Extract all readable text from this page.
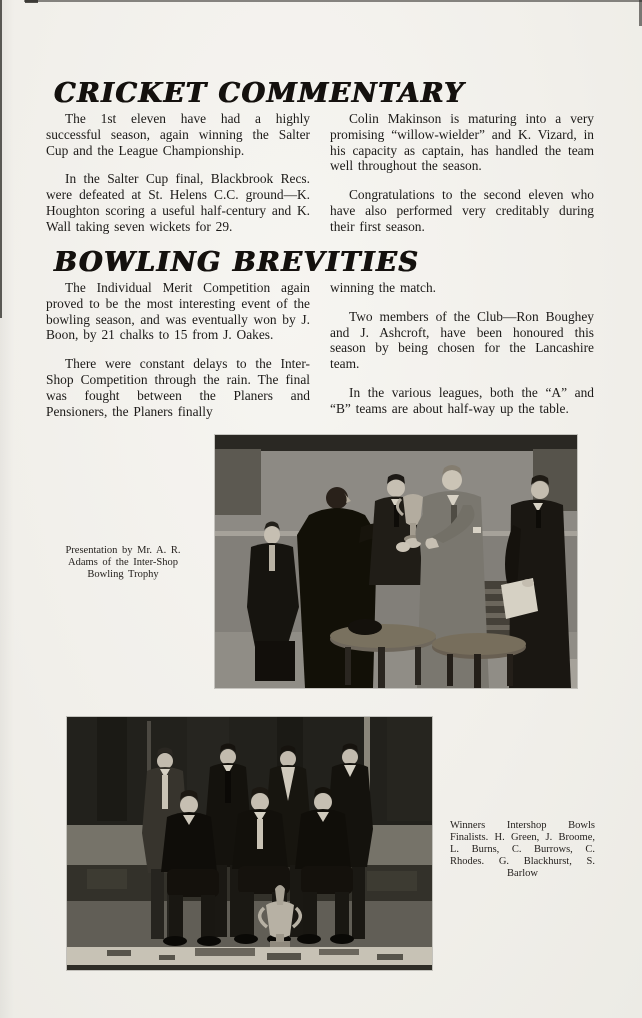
CRICKET COMMENTARY

The 1st eleven have had a highly successful season, again winning the Salter Cup and the League Championship.

In the Salter Cup final, Blackbrook Recs. were defeated at St. Helens C.C. ground—K. Houghton scoring a useful half-century and K. Wall taking seven wickets for 29.

Colin Makinson is maturing into a very promising “willow-wielder” and K. Vizard, in his capacity as captain, has handled the team well throughout the season.

Congratulations to the second eleven who have also performed very creditably during their first season.

BOWLING BREVITIES

The Individual Merit Competition again proved to be the most interesting event of the bowling season, and was eventually won by J. Boon, by 21 chalks to 15 from J. Oakes.

There were constant delays to the Inter-Shop Competition through the rain. The final was fought between the Planers and Pensioners, the Planers finally

winning the match.

Two members of the Club—Ron Boughey and J. Ashcroft, have been honoured this season by being chosen for the Lancashire team.

In the various leagues, both the “A” and “B” teams are about half-way up the table.

Presentation by Mr. A. R. Adams of the Inter-Shop Bowling Trophy
Winners Intershop Bowls Finalists. H. Green, J. Broome, L. Burns, C. Burrows, C. Rhodes. G. Blackhurst, S. Barlow
